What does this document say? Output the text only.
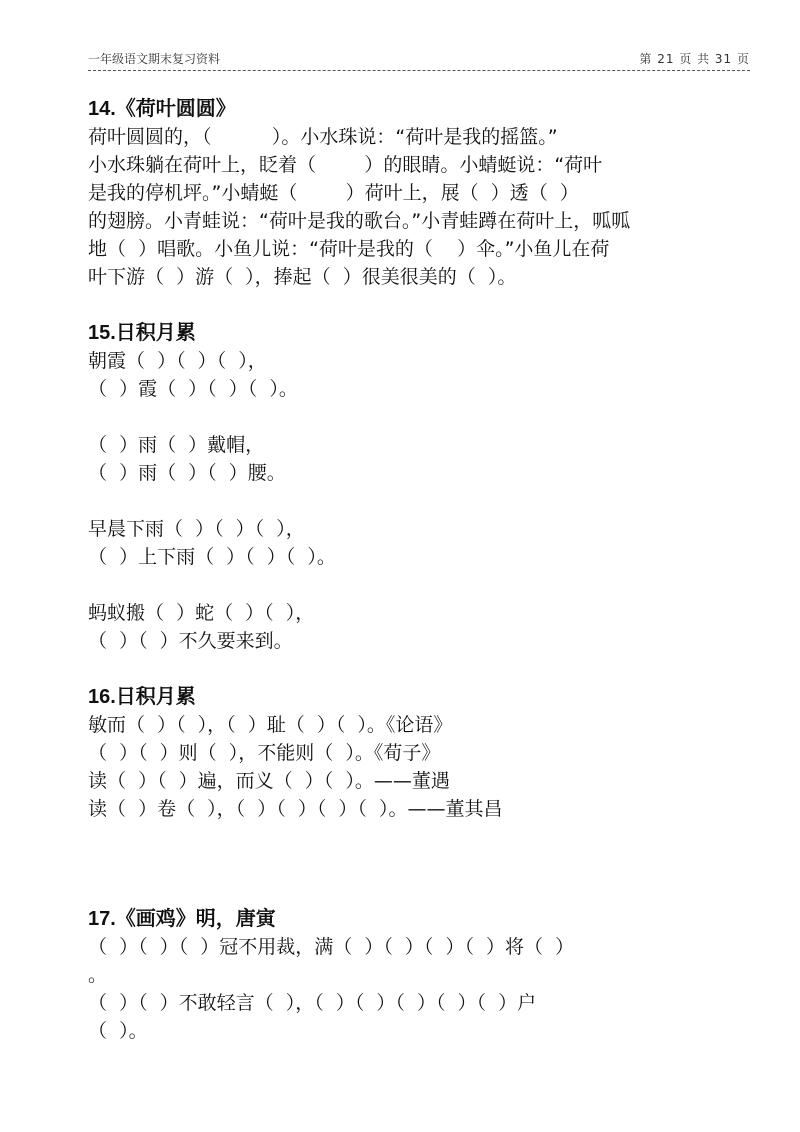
一年级语文期末复习资料	第 21 页 共 31 页

14.《荷叶圆圆》

荷叶圆圆的，（          ）。小水珠说：“荷叶是我的摇篮。”

小水珠躺在荷叶上，眨着（        ）的眼睛。小蜻蜓说：“荷叶

是我的停机坪。”小蜻蜓（        ）荷叶上，展（  ）透（  ）

的翅膀。小青蛙说：“荷叶是我的歌台。”小青蛙蹲在荷叶上，呱呱

地（  ）唱歌。小鱼儿说：“荷叶是我的（    ）伞。”小鱼儿在荷

叶下游（  ）游（  ），捧起（  ）很美很美的（  ）。

15.日积月累

朝霞（  ）（  ）（  ），

（  ）霞（  ）（  ）（  ）。

（  ）雨（  ）戴帽，

（  ）雨（  ）（  ）腰。

早晨下雨（  ）（  ）（  ），

（  ）上下雨（  ）（  ）（  ）。

蚂蚁搬（  ）蛇（  ）（  ），

（  ）（  ）不久要来到。

16.日积月累

敏而（  ）（  ），（  ）耻（  ）（  ）。《论语》

（  ）（  ）则（  ），不能则（  ）。《荀子》

读（  ）（  ）遍，而义（  ）（  ）。——董遇

读（  ）卷（  ），（  ）（  ）（  ）（  ）。——董其昌

17.《画鸡》明，唐寅

（  ）（  ）（  ）冠不用裁，满（  ）（  ）（  ）（  ）将（  ）

。

（  ）（  ）不敢轻言（  ），（  ）（  ）（  ）（  ）（  ）户

（  ）。
